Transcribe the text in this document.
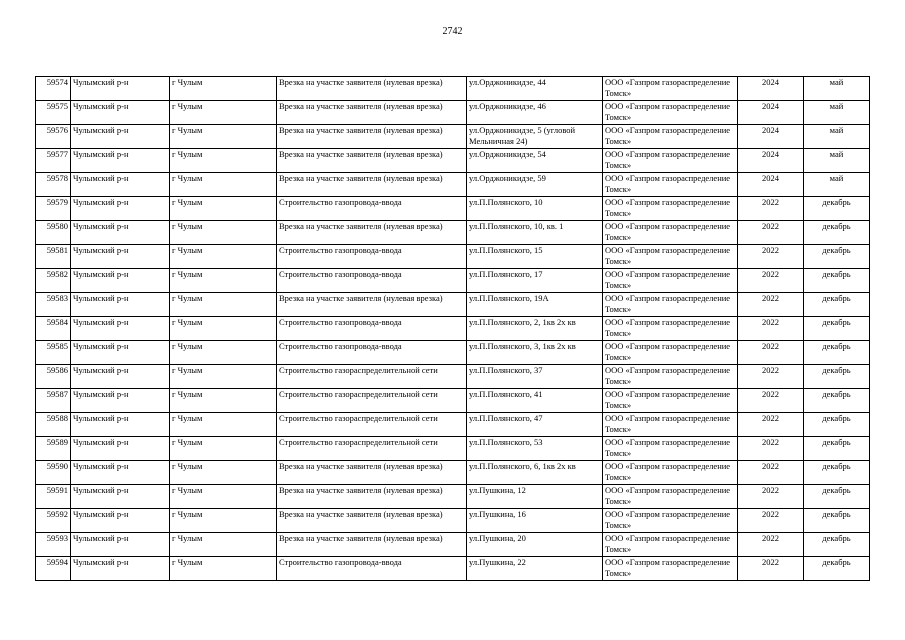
2742
59574	Чулымский р-н	г Чулым	Врезка на участке заявителя (нулевая врезка)	ул.Орджоникидзе, 44	ООО «Газпром газораспределение Томск»	2024	май
59575	Чулымский р-н	г Чулым	Врезка на участке заявителя (нулевая врезка)	ул.Орджоникидзе, 46	ООО «Газпром газораспределение Томск»	2024	май
59576	Чулымский р-н	г Чулым	Врезка на участке заявителя (нулевая врезка)	ул.Орджоникидзе, 5 (угловой Мельничная 24)	ООО «Газпром газораспределение Томск»	2024	май
59577	Чулымский р-н	г Чулым	Врезка на участке заявителя (нулевая врезка)	ул.Орджоникидзе, 54	ООО «Газпром газораспределение Томск»	2024	май
59578	Чулымский р-н	г Чулым	Врезка на участке заявителя (нулевая врезка)	ул.Орджоникидзе, 59	ООО «Газпром газораспределение Томск»	2024	май
59579	Чулымский р-н	г Чулым	Строительство газопровода-ввода	ул.П.Полянского, 10	ООО «Газпром газораспределение Томск»	2022	декабрь
59580	Чулымский р-н	г Чулым	Врезка на участке заявителя (нулевая врезка)	ул.П.Полянского, 10, кв. 1	ООО «Газпром газораспределение Томск»	2022	декабрь
59581	Чулымский р-н	г Чулым	Строительство газопровода-ввода	ул.П.Полянского, 15	ООО «Газпром газораспределение Томск»	2022	декабрь
59582	Чулымский р-н	г Чулым	Строительство газопровода-ввода	ул.П.Полянского, 17	ООО «Газпром газораспределение Томск»	2022	декабрь
59583	Чулымский р-н	г Чулым	Врезка на участке заявителя (нулевая врезка)	ул.П.Полянского, 19А	ООО «Газпром газораспределение Томск»	2022	декабрь
59584	Чулымский р-н	г Чулым	Строительство газопровода-ввода	ул.П.Полянского, 2, 1кв 2х кв	ООО «Газпром газораспределение Томск»	2022	декабрь
59585	Чулымский р-н	г Чулым	Строительство газопровода-ввода	ул.П.Полянского, 3, 1кв 2х кв	ООО «Газпром газораспределение Томск»	2022	декабрь
59586	Чулымский р-н	г Чулым	Строительство газораспределительной сети	ул.П.Полянского, 37	ООО «Газпром газораспределение Томск»	2022	декабрь
59587	Чулымский р-н	г Чулым	Строительство газораспределительной сети	ул.П.Полянского, 41	ООО «Газпром газораспределение Томск»	2022	декабрь
59588	Чулымский р-н	г Чулым	Строительство газораспределительной сети	ул.П.Полянского, 47	ООО «Газпром газораспределение Томск»	2022	декабрь
59589	Чулымский р-н	г Чулым	Строительство газораспределительной сети	ул.П.Полянского, 53	ООО «Газпром газораспределение Томск»	2022	декабрь
59590	Чулымский р-н	г Чулым	Врезка на участке заявителя (нулевая врезка)	ул.П.Полянского, 6, 1кв 2х кв	ООО «Газпром газораспределение Томск»	2022	декабрь
59591	Чулымский р-н	г Чулым	Врезка на участке заявителя (нулевая врезка)	ул.Пушкина, 12	ООО «Газпром газораспределение Томск»	2022	декабрь
59592	Чулымский р-н	г Чулым	Врезка на участке заявителя (нулевая врезка)	ул.Пушкина, 16	ООО «Газпром газораспределение Томск»	2022	декабрь
59593	Чулымский р-н	г Чулым	Врезка на участке заявителя (нулевая врезка)	ул.Пушкина, 20	ООО «Газпром газораспределение Томск»	2022	декабрь
59594	Чулымский р-н	г Чулым	Строительство газопровода-ввода	ул.Пушкина, 22	ООО «Газпром газораспределение Томск»	2022	декабрь
